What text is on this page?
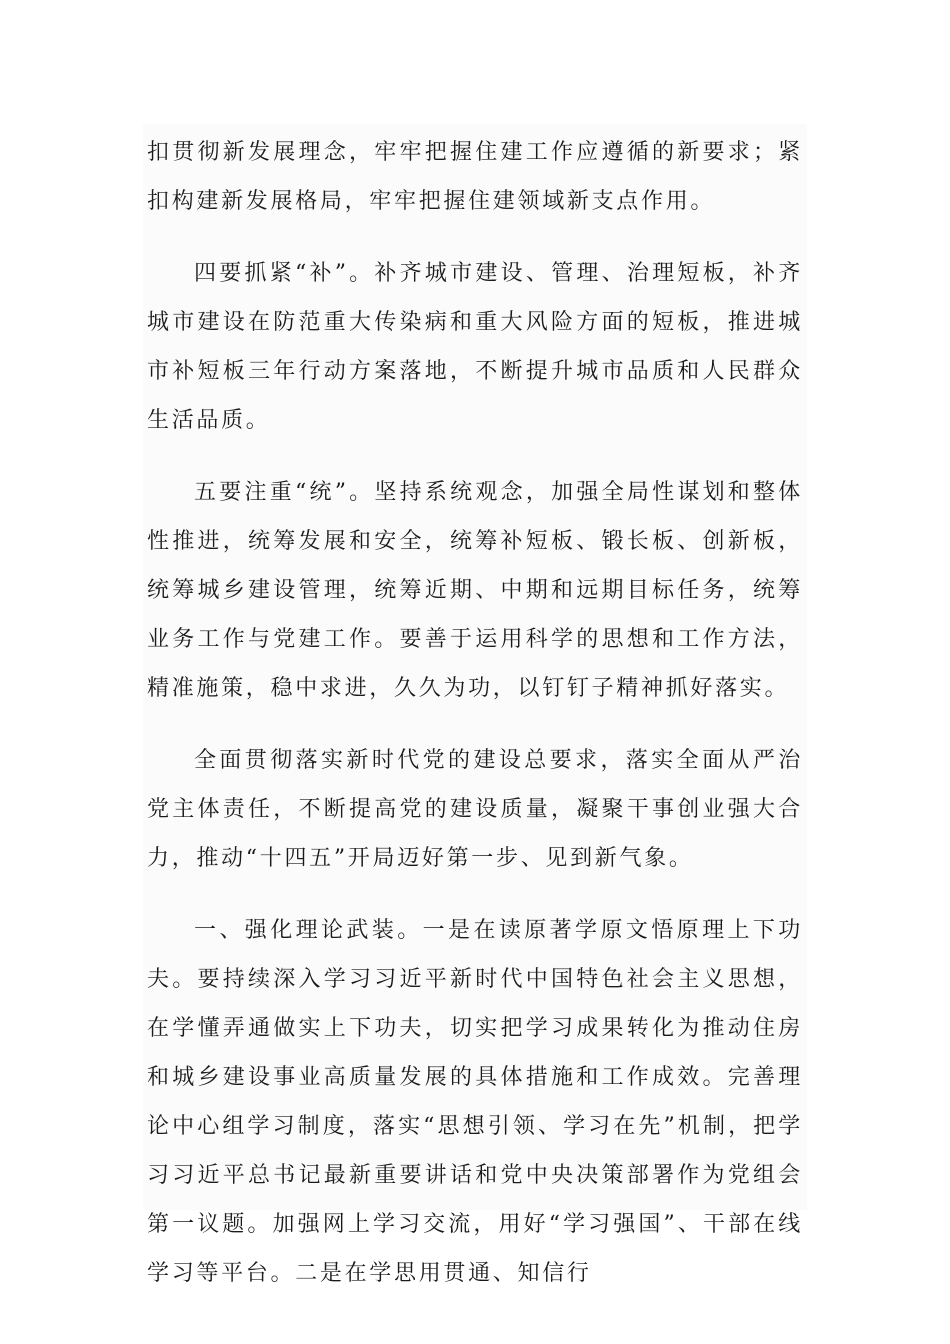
扣贯彻新发展理念，牢牢把握住建工作应遵循的新要求；紧扣构建新发展格局，牢牢把握住建领域新支点作用。

四要抓紧“补”。补齐城市建设、管理、治理短板，补齐城市建设在防范重大传染病和重大风险方面的短板，推进城市补短板三年行动方案落地，不断提升城市品质和人民群众生活品质。

五要注重“统”。坚持系统观念，加强全局性谋划和整体性推进，统筹发展和安全，统筹补短板、锻长板、创新板，统筹城乡建设管理，统筹近期、中期和远期目标任务，统筹业务工作与党建工作。要善于运用科学的思想和工作方法，精准施策，稳中求进，久久为功，以钉钉子精神抓好落实。

全面贯彻落实新时代党的建设总要求，落实全面从严治党主体责任，不断提高党的建设质量，凝聚干事创业强大合力，推动“十四五”开局迈好第一步、见到新气象。

一、强化理论武装。一是在读原著学原文悟原理上下功夫。要持续深入学习习近平新时代中国特色社会主义思想，在学懂弄通做实上下功夫，切实把学习成果转化为推动住房和城乡建设事业高质量发展的具体措施和工作成效。完善理论中心组学习制度，落实“思想引领、学习在先”机制，把学习习近平总书记最新重要讲话和党中央决策部署作为党组会第一议题。加强网上学习交流，用好“学习强国”、干部在线学习等平台。二是在学思用贯通、知信行
